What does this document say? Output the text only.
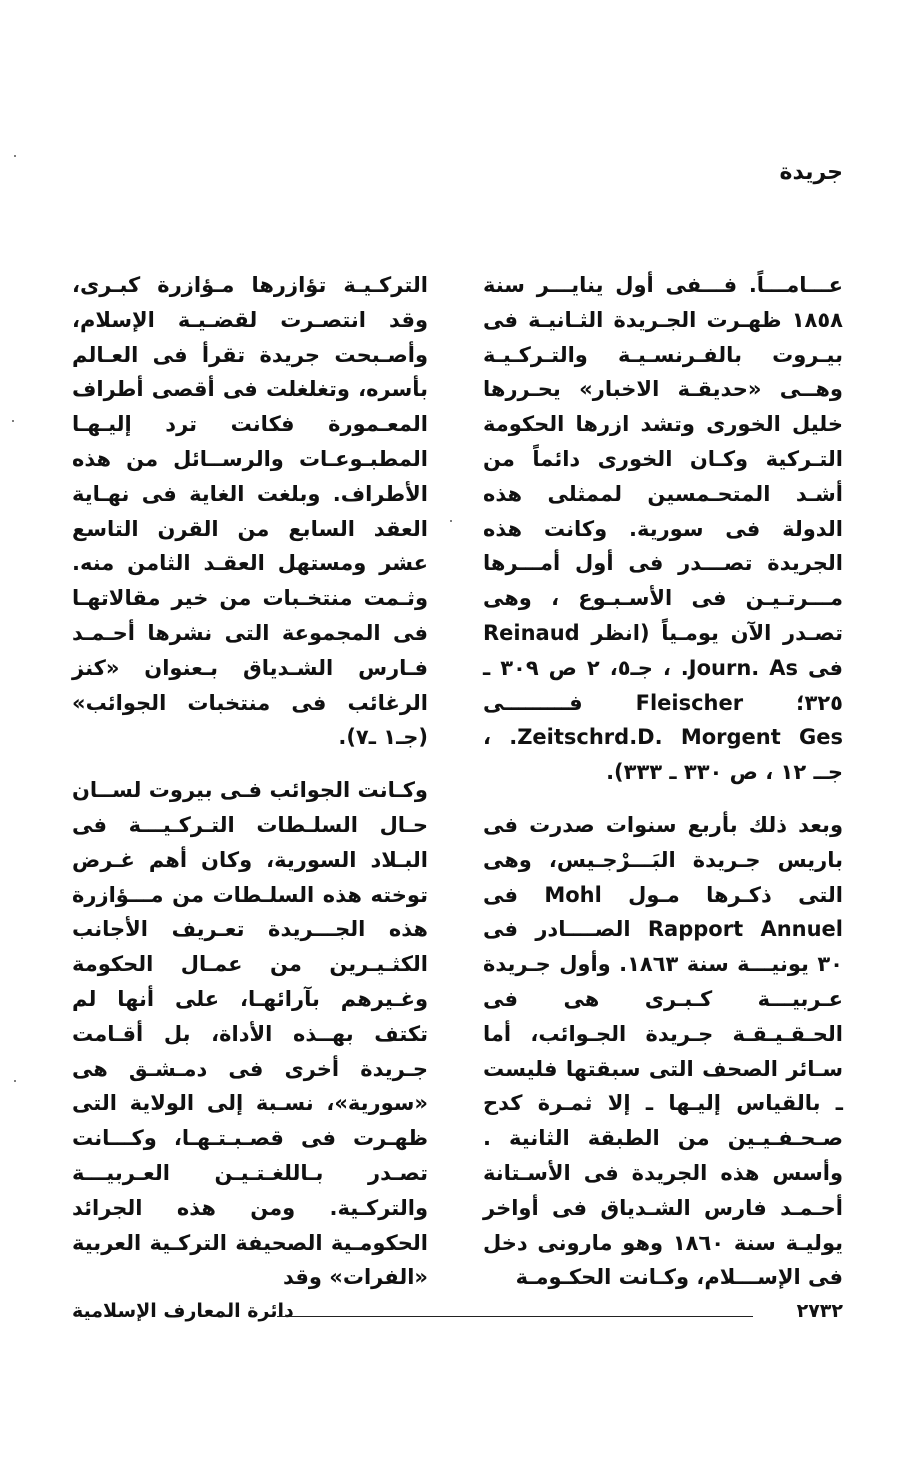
جريدة

عـــامـــاً. فـــفی أول ينايـــر سنة ١٨٥٨ ظهـرت الجـريدة الثـانيـة فی بيـروت بالفـرنسـيـة والتـركـيـة وهــی «حديقـة الاخبار» يحـررها خليل الخوری وتشد ازرها الحكومة التـركية وكـان الخوری دائماً من أشـد المتحـمسين لممثلی هذه الدولة فی سورية. وكانت هذه الجريدة تصـــدر فی أول أمـــرها مـــرتـيـن فی الأسـبـوع ، وهی تصـدر الآن يومـياً (انظر Reinaud فی Journ. As. ، جـ٥، ٢ ص ٣٠٩ ـ ٣٢٥؛ Fleischer فـــــــــی Zeitschrd.D. Morgent Ges. ، جــ ١٢ ، ص ٣٣٠ ـ ٣٣٣).

وبعد ذلك بأربع سنوات صدرت فی باريس جـريدة البَـــرْجـيس، وهی التی ذكـرها مـول Mohl فی Rapport Annuel الصــــادر فی ٣٠ يونيـــة سنة ١٨٦٣. وأول جـريدة عـربيـــة كـبـرى هی فی الحـقـيـقـة جـريدة الجـوائب، أما سـائر الصحف التی سبقتها فليست ـ بالقياس إليـها ـ إلا ثمـرة كدح صـحـفـيـين من الطبقة الثانية . وأسس هذه الجريدة فی الأسـتانة أحـمـد فارس الشـدياق فی أواخر يوليـة سنة ١٨٦٠ وهو مارونی دخل فی الإســـلام، وكـانت الحكـومـة

التركـيـة تؤازرها مـؤازرة كبـرى، وقد انتصـرت لقضـيـة الإسلام، وأصـبحت جريدة تقرأ فی العـالم بأسره، وتغلغلت فی أقصی أطراف المعـمورة فكانت ترد إليـهـا المطبـوعـات والرســائل من هذه الأطراف. وبلغت الغاية فی نهـاية العقد السابع من القرن التاسع عشر ومستهل العقـد الثامن منه. وثـمت منتخـبات من خير مقالاتهـا فی المجموعة التی نشرها أحـمـد فـارس الشـدياق بـعنوان «كنز الرغائب فی منتخبات الجوائب» (جـ١ ـ٧).

وكـانت الجوائب فـی بيروت لســان حـال السلـطات التـركـيـــة فی البـلاد السورية، وكان أهم غـرض توخته هذه السلـطات من مـــؤازرة هذه الجـــريدة تعـريف الأجانب الكثـيـرين من عمـال الحكومة وغـيرهم بآرائهـا، على أنها لم تكتف بهــذه الأداة، بل أقـامت جـريدة أخری فی دمـشـق هی «سورية»، نسـبة إلى الولاية التی ظهـرت فی قصـبـتـهـا، وكـــانت تصـدر بـاللغـتـيـن العـربيـــة والتركـية. ومن هذه الجرائد الحكومـية الصحيفة التركـية العربية «الفرات» وقد

دائرة المعارف الإسلامية	٢٧٣٢
